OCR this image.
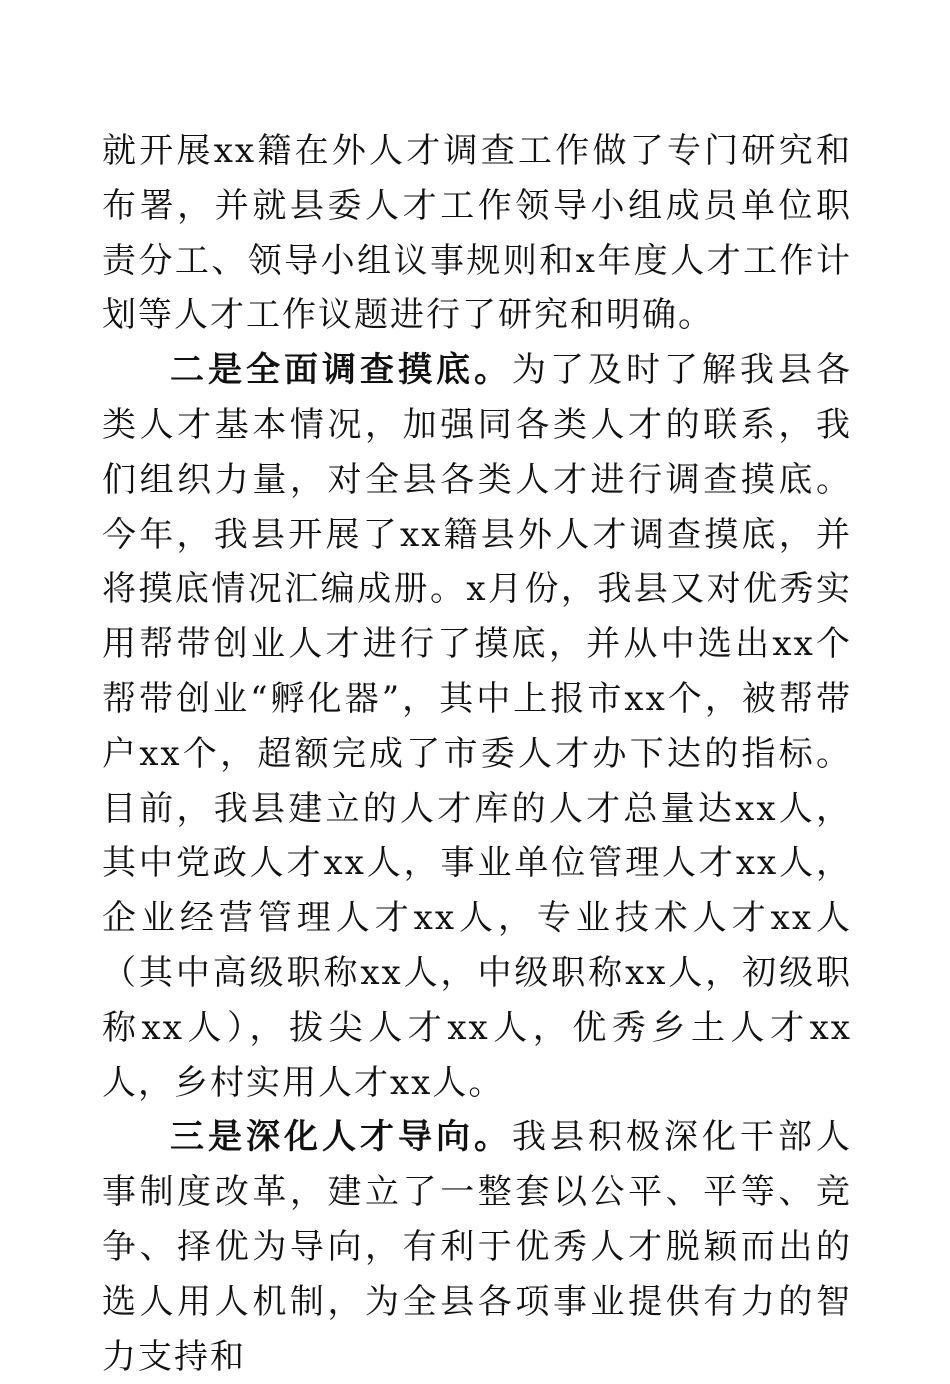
就开展xx籍在外人才调查工作做了专门研究和布署，并就县委人才工作领导小组成员单位职责分工、领导小组议事规则和x年度人才工作计划等人才工作议题进行了研究和明确。

二是全面调查摸底。为了及时了解我县各类人才基本情况，加强同各类人才的联系，我们组织力量，对全县各类人才进行调查摸底。今年，我县开展了xx籍县外人才调查摸底，并将摸底情况汇编成册。x月份，我县又对优秀实用帮带创业人才进行了摸底，并从中选出xx个帮带创业“孵化器”，其中上报市xx个，被帮带户xx个，超额完成了市委人才办下达的指标。目前，我县建立的人才库的人才总量达xx人，其中党政人才xx人，事业单位管理人才xx人，企业经营管理人才xx人，专业技术人才xx人（其中高级职称xx人，中级职称xx人，初级职称xx人），拔尖人才xx人，优秀乡土人才xx人，乡村实用人才xx人。

三是深化人才导向。我县积极深化干部人事制度改革，建立了一整套以公平、平等、竞争、择优为导向，有利于优秀人才脱颖而出的选人用人机制，为全县各项事业提供有力的智力支持和
